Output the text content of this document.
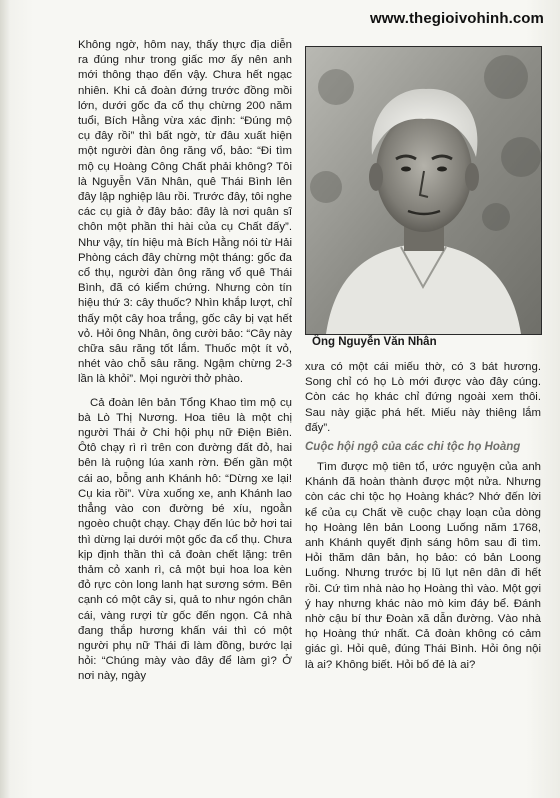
www.thegioivohinh.com

Không ngờ, hôm nay, thấy thực địa diễn ra đúng như trong giấc mơ ấy nên anh mới thông thạo đến vậy. Chưa hết ngạc nhiên. Khi cả đoàn đứng trước đồng mồi lớn, dưới gốc đa cổ thụ chừng 200 năm tuổi, Bích Hằng vừa xác định: “Đúng mộ cụ đây rồi” thì bất ngờ, từ đâu xuất hiện một người đàn ông răng vổ, bảo: “Đi tìm mộ cụ Hoàng Công Chất phải không? Tôi là Nguyễn Văn Nhân, quê Thái Bình lên đây lập nghiệp lâu rồi. Trước đây, tôi nghe các cụ già ở đây bảo: đây là nơi quân sĩ chôn một phần thi hài của cụ Chất đấy”. Như vậy, tín hiệu mà Bích Hằng nói từ Hải Phòng cách đây chừng một tháng: gốc đa cổ thụ, người đàn ông răng vổ quê Thái Bình, đã có kiểm chứng. Nhưng còn tín hiệu thứ 3: cây thuốc? Nhìn khắp lượt, chỉ thấy một cây hoa trắng, gốc cây bị vạt hết vỏ. Hỏi ông Nhân, ông cười bảo: “Cây này chữa sâu răng tốt lắm. Thuốc một ít vỏ, nhét vào chỗ sâu răng. Ngậm chừng 2-3 lần là khỏi”. Mọi người thở phào.

Cả đoàn lên bản Tổng Khao tìm mộ cụ bà Lò Thị Nương. Hoa tiêu là một chị người Thái ở Chi hội phụ nữ Điện Biên. Ôtô chạy rì rì trên con đường đất đỏ, hai bên là ruộng lúa xanh rờn. Đến gần một cái ao, bỗng anh Khánh hô: “Dừng xe lại! Cụ kia rồi”. Vừa xuống xe, anh Khánh lao thẳng vào con đường bé xíu, ngoằn ngoèo chuột chạy. Chạy đến lúc bở hơi tai thì dừng lại dưới một gốc đa cổ thụ. Chưa kịp định thần thì cả đoàn chết lặng: trên thảm cỏ xanh rì, cả một bụi hoa loa kèn đỏ rực còn long lanh hạt sương sớm. Bên cạnh có một cây si, quả to như ngón chân cái, vàng rượi từ gốc đến ngọn. Cả nhà đang thắp hương khấn vái thì có một người phụ nữ Thái đi làm đồng, bước lại hỏi: “Chúng mày vào đây để làm gì? Ở nơi này, ngày

Ông Nguyễn Văn Nhân

xưa có một cái miếu thờ, có 3 bát hương. Song chỉ có họ Lò mới được vào đây cúng. Còn các họ khác chỉ đứng ngoài xem thôi. Sau này giặc phá hết. Miếu này thiêng lắm đấy”.

Cuộc hội ngộ của các chi tộc họ Hoàng

Tìm được mộ tiên tổ, ước nguyện của anh Khánh đã hoàn thành được một nửa. Nhưng còn các chi tộc họ Hoàng khác? Nhớ đến lời kể của cụ Chất về cuộc chạy loạn của dòng họ Hoàng lên bản Loong Luống năm 1768, anh Khánh quyết định sáng hôm sau đi tìm. Hỏi thăm dân bản, họ bảo: có bản Loong Luống. Nhưng trước bị lũ lụt nên dân đi hết rồi. Cứ tìm nhà nào họ Hoàng thì vào. Một gợi ý hay nhưng khác nào mò kim đáy bể. Đánh nhờ cậu bí thư Đoàn xã dẫn đường. Vào nhà họ Hoàng thứ nhất. Cả đoàn không có cảm giác gì. Hỏi quê, đúng Thái Bình. Hỏi ông nội là ai? Không biết. Hỏi bố đẻ là ai?
